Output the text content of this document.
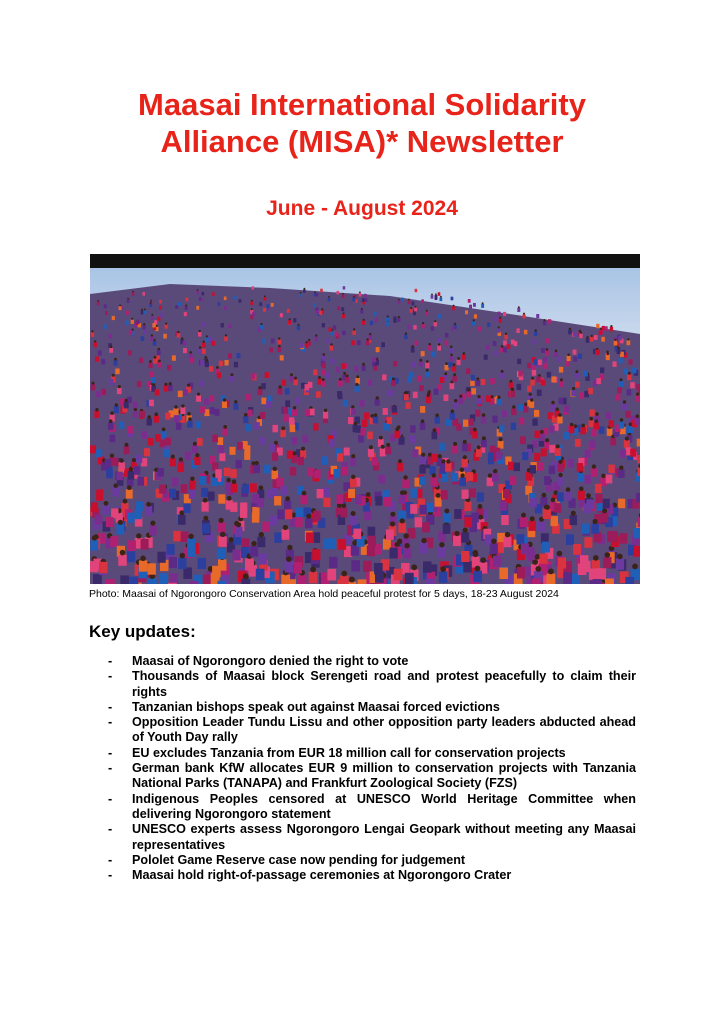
Maasai International Solidarity
Alliance (MISA)* Newsletter
June - August 2024
Photo: Maasai of Ngorongoro Conservation Area hold peaceful protest for 5 days, 18-23 August 2024
Key updates:
- Maasai of Ngorongoro denied the right to vote
- Thousands of Maasai block Serengeti road and protest peacefully to claim their rights
- Tanzanian bishops speak out against Maasai forced evictions
- Opposition Leader Tundu Lissu and other opposition party leaders abducted ahead of Youth Day rally
- EU excludes Tanzania from EUR 18 million call for conservation projects
- German bank KfW allocates EUR 9 million to conservation projects with Tanzania National Parks (TANAPA) and Frankfurt Zoological Society (FZS)
- Indigenous Peoples censored at UNESCO World Heritage Committee when delivering Ngorongoro statement
- UNESCO experts assess Ngorongoro Lengai Geopark without meeting any Maasai representatives
- Pololet Game Reserve case now pending for judgement
- Maasai hold right-of-passage ceremonies at Ngorongoro Crater
